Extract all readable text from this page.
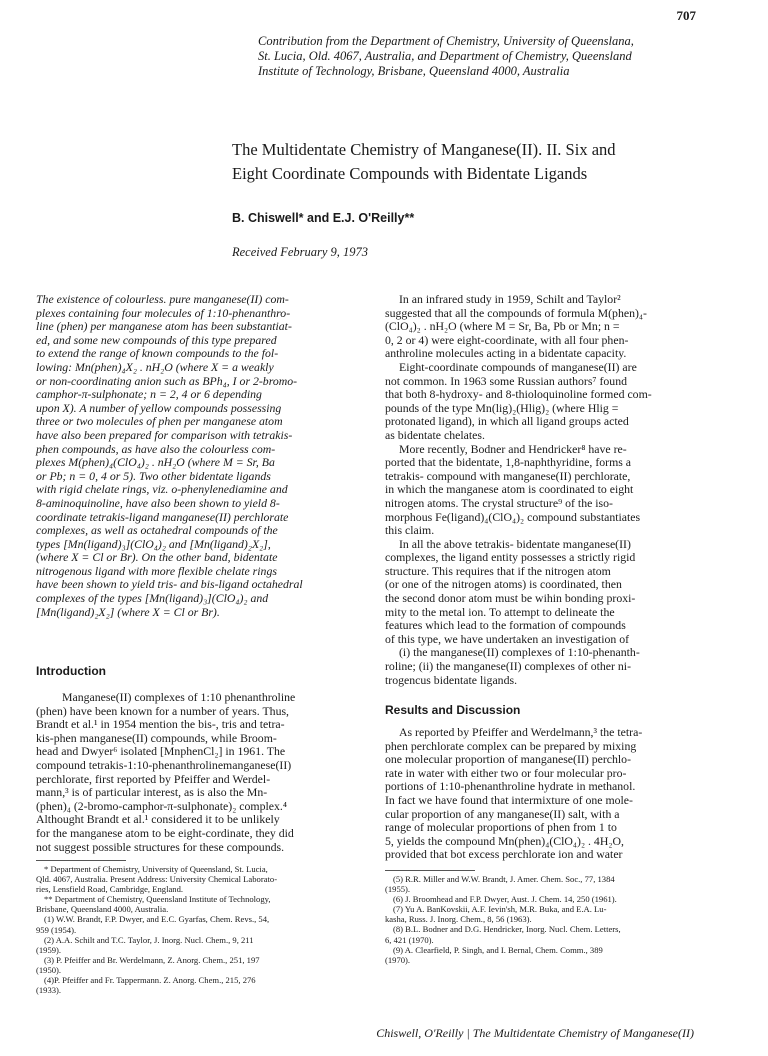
707
Contribution from the Department of Chemistry, University of Queenslana,
St. Lucia, Old. 4067, Australia, and Department of Chemistry, Queensland
Institute of Technology, Brisbane, Queensland 4000, Australia
The Multidentate Chemistry of Manganese(II). II. Six and
Eight Coordinate Compounds with Bidentate Ligands
B. Chiswell* and E.J. O'Reilly**
Received February 9, 1973
The existence of colourless. pure manganese(II) com-
plexes containing four molecules of 1:10-phenanthro-
line (phen) per manganese atom has been substantiat-
ed, and some new compounds of this type prepared
to extend the range of known compounds to the fol-
lowing: Mn(phen)₄X₂ . nH₂O (where X = a weakly
or non-coordinating anion such as BPh₄, I or 2-bromo-
camphor-π-sulphonate; n = 2, 4 or 6 depending
upon X). A number of yellow compounds possessing
three or two molecules of phen per manganese atom
have also been prepared for comparison with tetrakis-
phen compounds, as have also the colourless com-
plexes M(phen)₄(ClO₄)₂ . nH₂O (where M = Sr, Ba
or Pb; n = 0, 4 or 5). Two other bidentate ligands
with rigid chelate rings, viz. o-phenylenediamine and
8-aminoquinoline, have also been shown to yield 8-
coordinate tetrakis-ligand manganese(II) perchlorate
complexes, as well as octahedral compounds of the
types [Mn(ligand)₃](ClO₄)₂ and [Mn(ligand)₂X₂],
(where X = Cl or Br). On the other band, bidentate
nitrogenous ligand with more flexible chelate rings
have been shown to yield tris- and bis-ligand octahedral
complexes of the types [Mn(ligand)₃](ClO₄)₂ and
[Mn(ligand)₂X₂] (where X = Cl or Br).
Introduction
Manganese(II) complexes of 1:10 phenanthroline
(phen) have been known for a number of years. Thus,
Brandt et al.¹ in 1954 mention the bis-, tris and tetra-
kis-phen manganese(II) compounds, while Broom-
head and Dwyer⁶ isolated [MnphenCl₂] in 1961. The
compound tetrakis-1:10-phenanthrolinemanganese(II)
perchlorate, first reported by Pfeiffer and Werdel-
mann,³ is of particular interest, as is also the Mn-
(phen)₄ (2-bromo-camphor-π-sulphonate)₂ complex.⁴
Althought Brandt et al.¹ considered it to be unlikely
for the manganese atom to be eight-cordinate, they did
not suggest possible structures for these compounds.
* Department of Chemistry, University of Queensland, St. Lucia,
Qld. 4067, Australia. Present Address: University Chemical Laborato-
ries, Lensfield Road, Cambridge, England.
** Department of Chemistry, Queensland Institute of Technology,
Brisbane, Queensland 4000, Australia.
(1) W.W. Brandt, F.P. Dwyer, and E.C. Gyarfas, Chem. Revs., 54,
959 (1954).
(2) A.A. Schilt and T.C. Taylor, J. Inorg. Nucl. Chem., 9, 211
(1959).
(3) P. Pfeiffer and Br. Werdelmann, Z. Anorg. Chem., 251, 197
(1950).
(4)P. Pfeiffer and Fr. Tappermann. Z. Anorg. Chem., 215, 276
(1933).
In an infrared study in 1959, Schilt and Taylor²
suggested that all the compounds of formula M(phen)₄-
(ClO₄)₂ . nH₂O (where M = Sr, Ba, Pb or Mn; n =
0, 2 or 4) were eight-coordinate, with all four phen-
anthroline molecules acting in a bidentate capacity.
Eight-coordinate compounds of manganese(II) are
not common. In 1963 some Russian authors⁷ found
that both 8-hydroxy- and 8-thioloquinoline formed com-
pounds of the type Mn(lig)₂(Hlig)₂ (where Hlig =
protonated ligand), in which all ligand groups acted
as bidentate chelates.
More recently, Bodner and Hendricker⁸ have re-
ported that the bidentate, 1,8-naphthyridine, forms a
tetrakis- compound with manganese(II) perchlorate,
in which the manganese atom is coordinated to eight
nitrogen atoms. The crystal structure⁹ of the iso-
morphous Fe(ligand)₄(ClO₄)₂ compound substantiates
this claim.
In all the above tetrakis- bidentate manganese(II)
complexes, the ligand entity possesses a strictly rigid
structure. This requires that if the nitrogen atom
(or one of the nitrogen atoms) is coordinated, then
the second donor atom must be wihin bonding proxi-
mity to the metal ion. To attempt to delineate the
features which lead to the formation of compounds
of this type, we have undertaken an investigation of
(i) the manganese(II) complexes of 1:10-phenanth-
roline; (ii) the manganese(II) complexes of other ni-
trogencus bidentate ligands.
Results and Discussion
As reported by Pfeiffer and Werdelmann,³ the tetra-
phen perchlorate complex can be prepared by mixing
one molecular proportion of manganese(II) perchlo-
rate in water with either two or four molecular pro-
portions of 1:10-phenanthroline hydrate in methanol.
In fact we have found that intermixture of one mole-
cular proportion of any manganese(II) salt, with a
range of molecular proportions of phen from 1 to
5, yields the compound Mn(phen)₄(ClO₄)₂ . 4H₂O,
provided that bot excess perchlorate ion and water
(5) R.R. Miller and W.W. Brandt, J. Amer. Chem. Soc., 77, 1384
(1955).
(6) J. Broomhead and F.P. Dwyer, Aust. J. Chem. 14, 250 (1961).
(7) Yu A. BanKovskii, A.F. Ievin'sh, M.R. Buka, and E.A. Lu-
kasha, Russ. J. Inorg. Chem., 8, 56 (1963).
(8) B.L. Bodner and D.G. Hendricker, Inorg. Nucl. Chem. Letters,
6, 421 (1970).
(9) A. Clearfield, P. Singh, and I. Bernal, Chem. Comm., 389
(1970).
Chiswell, O'Reilly | The Multidentate Chemistry of Manganese(II)
